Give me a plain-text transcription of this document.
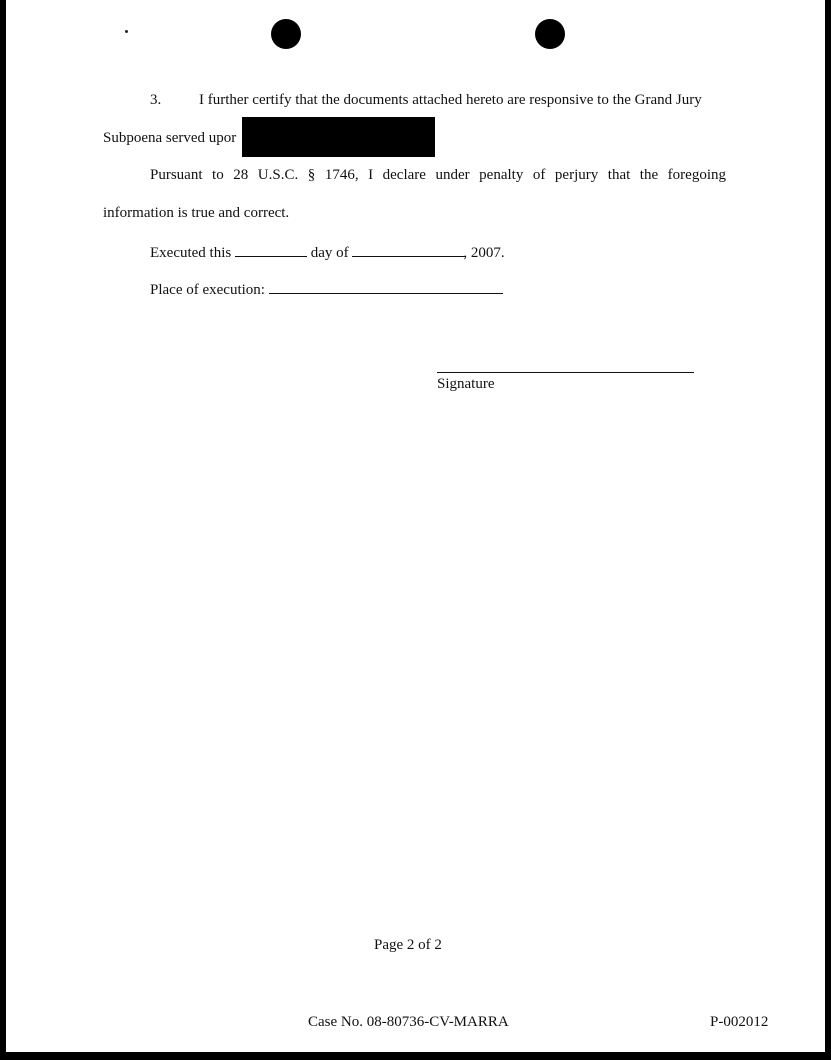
3.	I further certify that the documents attached hereto are responsive to the Grand Jury
Subpoena served upor
Pursuant to 28 U.S.C. § 1746, I declare under penalty of perjury that the foregoing
information is true and correct.
Executed this	day of	, 2007.
Place of execution:
Signature
Page 2 of 2
Case No. 08-80736-CV-MARRA	P-002012
